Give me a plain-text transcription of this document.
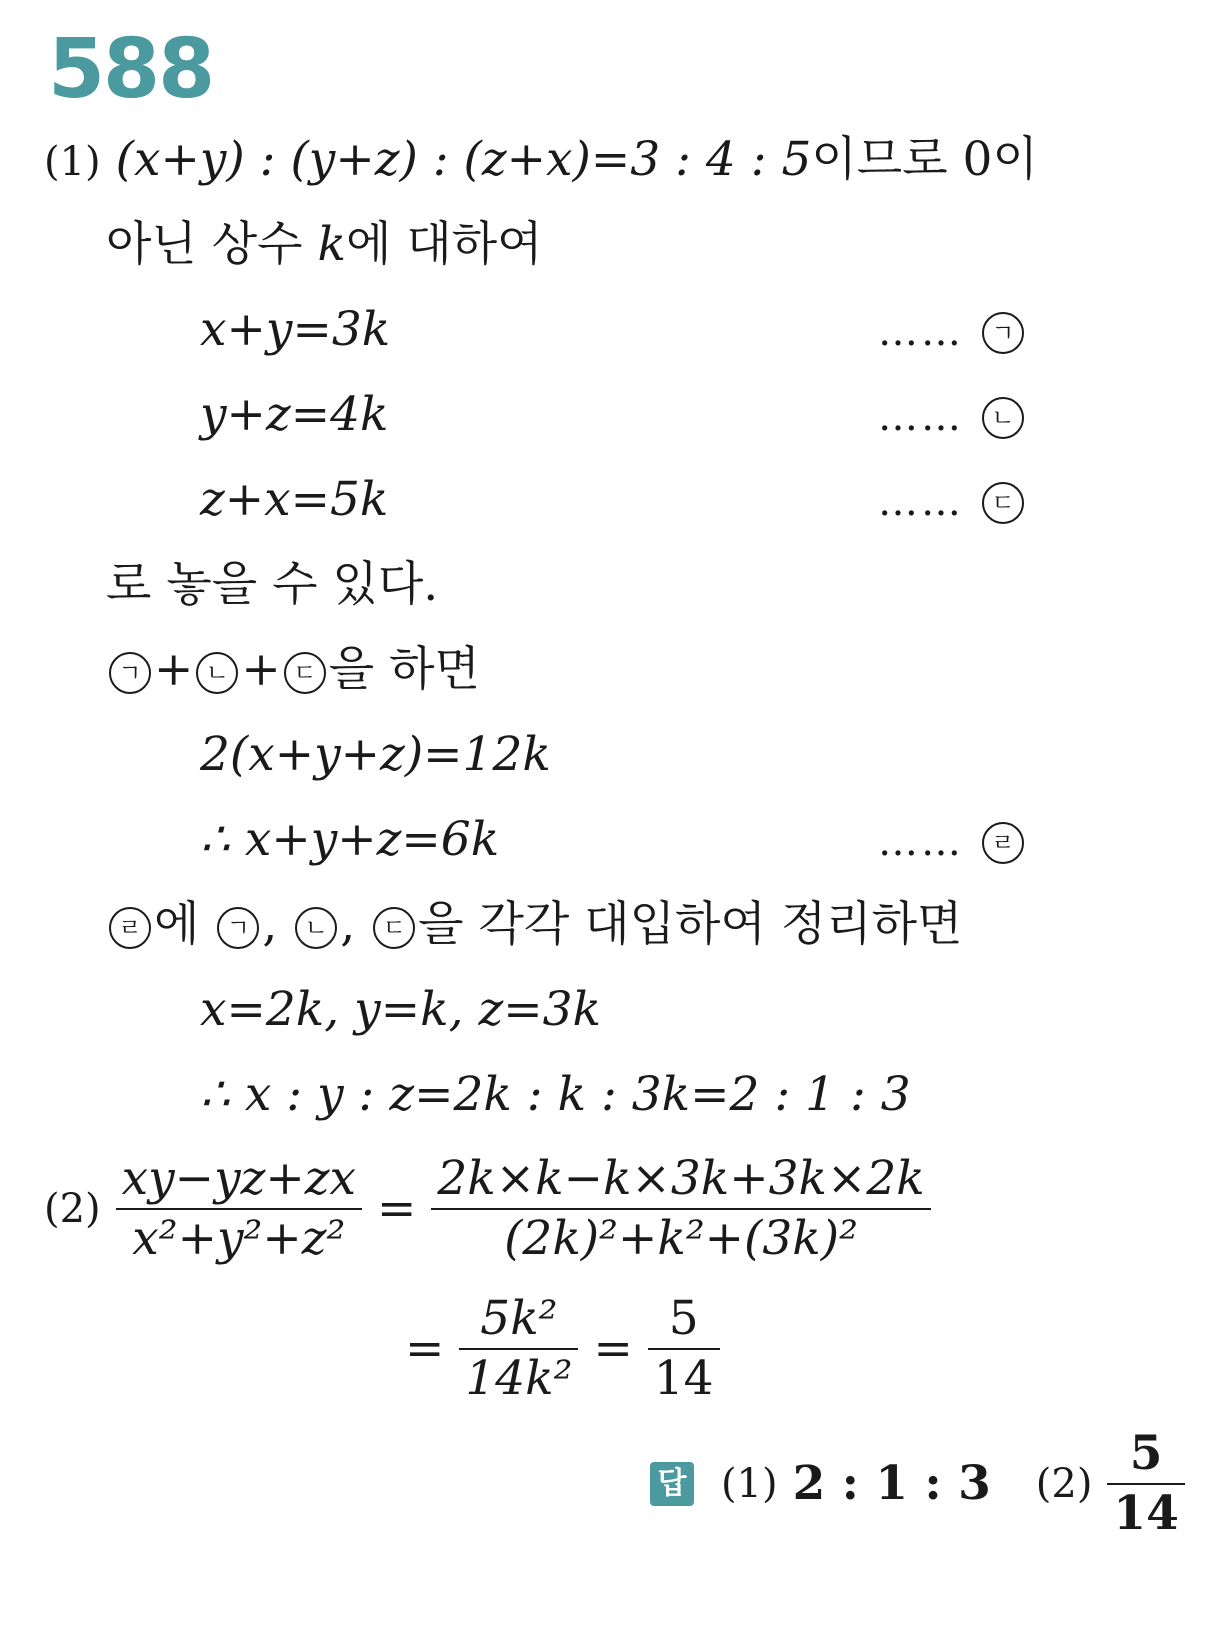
588
(1) (x+y) : (y+z) : (z+x)=3 : 4 : 5이므로 0이
아닌 상수 k에 대하여
x+y=3k	…… ㄱ
y+z=4k	…… ㄴ
z+x=5k	…… ㄷ
로 놓을 수 있다.
ㄱ + ㄴ + ㄷ 을 하면
2(x+y+z)=12k
∴ x+y+z=6k	…… ㄹ
ㄹ 에 ㄱ , ㄴ , ㄷ 을 각각 대입하여 정리하면
x=2k, y=k, z=3k
∴ x : y : z=2k : k : 3k=2 : 1 : 3
$(2) \frac{xy-yz+zx}{\text{x²+y²+z²}} = \frac{2k\times k-k\times 3k+3k\times 2k}{\text{(2k)²+k²+(3k)²}}$
= $\frac{\text{5k²}}{\text{14k²}} = \frac{5}{14}$
답 (1) 2 : 1 : 3 $(2) \frac{5}{14}$
